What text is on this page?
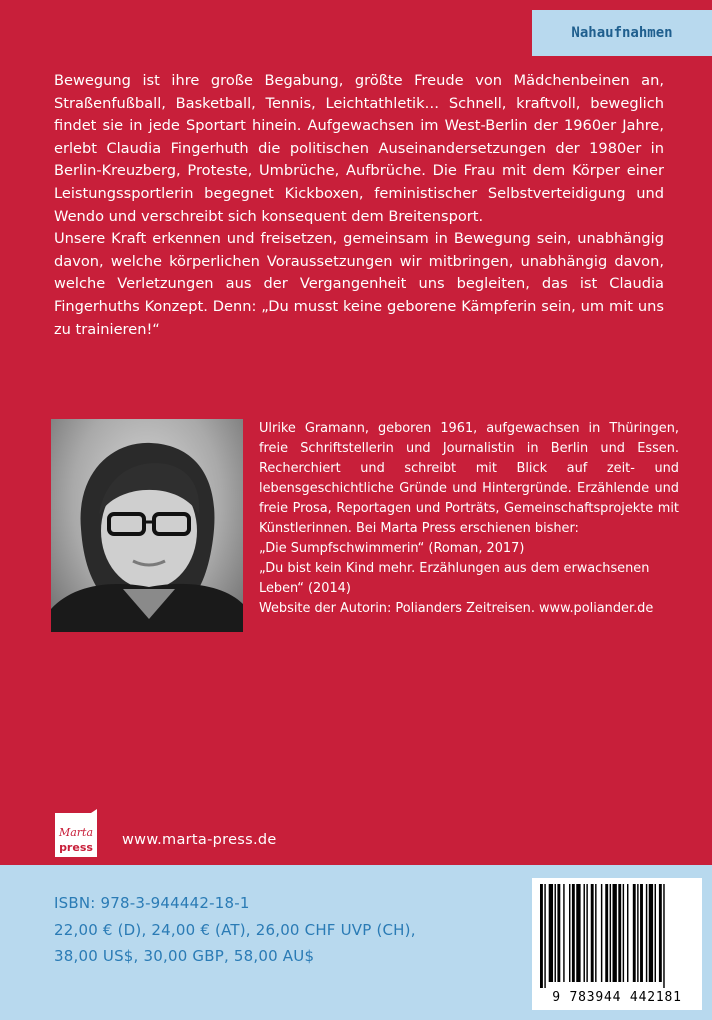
Nahaufnahmen

Bewegung ist ihre große Begabung, größte Freude von Mädchenbeinen an, Straßenfußball, Basketball, Tennis, Leichtathletik… Schnell, kraftvoll, beweglich findet sie in jede Sportart hinein. Aufgewachsen im West-Berlin der 1960er Jahre, erlebt Claudia Fingerhuth die politischen Auseinandersetzungen der 1980er in Berlin-Kreuzberg, Proteste, Umbrüche, Aufbrüche. Die Frau mit dem Körper einer Leistungssportlerin begegnet Kickboxen, feministischer Selbstverteidigung und Wendo und verschreibt sich konsequent dem Breitensport.

Unsere Kraft erkennen und freisetzen, gemeinsam in Bewegung sein, unabhängig davon, welche körperlichen Voraussetzungen wir mitbringen, unabhängig davon, welche Verletzungen aus der Vergangenheit uns begleiten, das ist Claudia Fingerhuths Konzept. Denn: „Du musst keine geborene Kämpferin sein, um mit uns zu trainieren!“

Ulrike Gramann, geboren 1961, aufgewachsen in Thüringen, freie Schriftstellerin und Journalistin in Berlin und Essen. Recherchiert und schreibt mit Blick auf zeit- und lebensgeschichtliche Gründe und Hintergründe. Erzählende und freie Prosa, Reportagen und Porträts, Gemeinschaftsprojekte mit Künstlerinnen. Bei Marta Press erschienen bisher:

„Die Sumpfschwimmerin“ (Roman, 2017)

„Du bist kein Kind mehr. Erzählungen aus dem erwachsenen Leben“ (2014)

Website der Autorin: Polianders Zeitreisen. www.poliander.de

Marta
press www.marta-press.de
ISBN: 978-3-944442-18-1
22,00 € (D), 24,00 € (AT), 26,00 CHF UVP (CH),
38,00 US$, 30,00 GBP, 58,00 AU$
9 783944 442181
